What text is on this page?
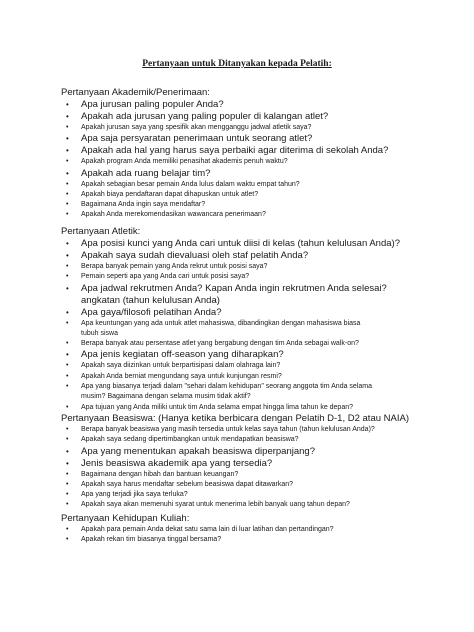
Pertanyaan untuk Ditanyakan kepada Pelatih:

Pertanyaan Akademik/Penerimaan:

• Apa jurusan paling populer Anda?
• Apakah ada jurusan yang paling populer di kalangan atlet?
• Apakah jurusan saya yang spesifik akan mengganggu jadwal atletik saya?
• Apa saja persyaratan penerimaan untuk seorang atlet?
• Apakah ada hal yang harus saya perbaiki agar diterima di sekolah Anda?
• Apakah program Anda memiliki penasihat akademis penuh waktu?
• Apakah ada ruang belajar tim?
• Apakah sebagian besar pemain Anda lulus dalam waktu empat tahun?
• Apakah biaya pendaftaran dapat dihapuskan untuk atlet?
• Bagaimana Anda ingin saya mendaftar?
• Apakah Anda merekomendasikan wawancara penerimaan?

Pertanyaan Atletik:

• Apa posisi kunci yang Anda cari untuk diisi di kelas (tahun kelulusan Anda)?
• Apakah saya sudah dievaluasi oleh staf pelatih Anda?
• Berapa banyak pemain yang Anda rekrut untuk posisi saya?
• Pemain seperti apa yang Anda cari untuk posisi saya?
• Apa jadwal rekrutmen Anda? Kapan Anda ingin rekrutmen Anda selesai?
angkatan (tahun kelulusan Anda)
• Apa gaya/filosofi pelatihan Anda?
• Apa keuntungan yang ada untuk atlet mahasiswa, dibandingkan dengan mahasiswa biasa
tubuh siswa
• Berapa banyak atau persentase atlet yang bergabung dengan tim Anda sebagai walk-on?
• Apa jenis kegiatan off-season yang diharapkan?
• Apakah saya diizinkan untuk berpartisipasi dalam olahraga lain?
• Apakah Anda berniat mengundang saya untuk kunjungan resmi?
• Apa yang biasanya terjadi dalam "sehari dalam kehidupan" seorang anggota tim Anda selama
musim? Bagaimana dengan selama musim tidak aktif?
• Apa tujuan yang Anda miliki untuk tim Anda selama empat hingga lima tahun ke depan?

Pertanyaan Beasiswa: (Hanya ketika berbicara dengan Pelatih D-1, D2 atau NAIA)

• Berapa banyak beasiswa yang masih tersedia untuk kelas saya tahun (tahun kelulusan Anda)?
• Apakah saya sedang dipertimbangkan untuk mendapatkan beasiswa?
• Apa yang menentukan apakah beasiswa diperpanjang?
• Jenis beasiswa akademik apa yang tersedia?
• Bagaimana dengan hibah dan bantuan keuangan?
• Apakah saya harus mendaftar sebelum beasiswa dapat ditawarkan?
• Apa yang terjadi jika saya terluka?
• Apakah saya akan memenuhi syarat untuk menerima lebih banyak uang tahun depan?

Pertanyaan Kehidupan Kuliah:

• Apakah para pemain Anda dekat satu sama lain di luar latihan dan pertandingan?
• Apakah rekan tim biasanya tinggal bersama?
